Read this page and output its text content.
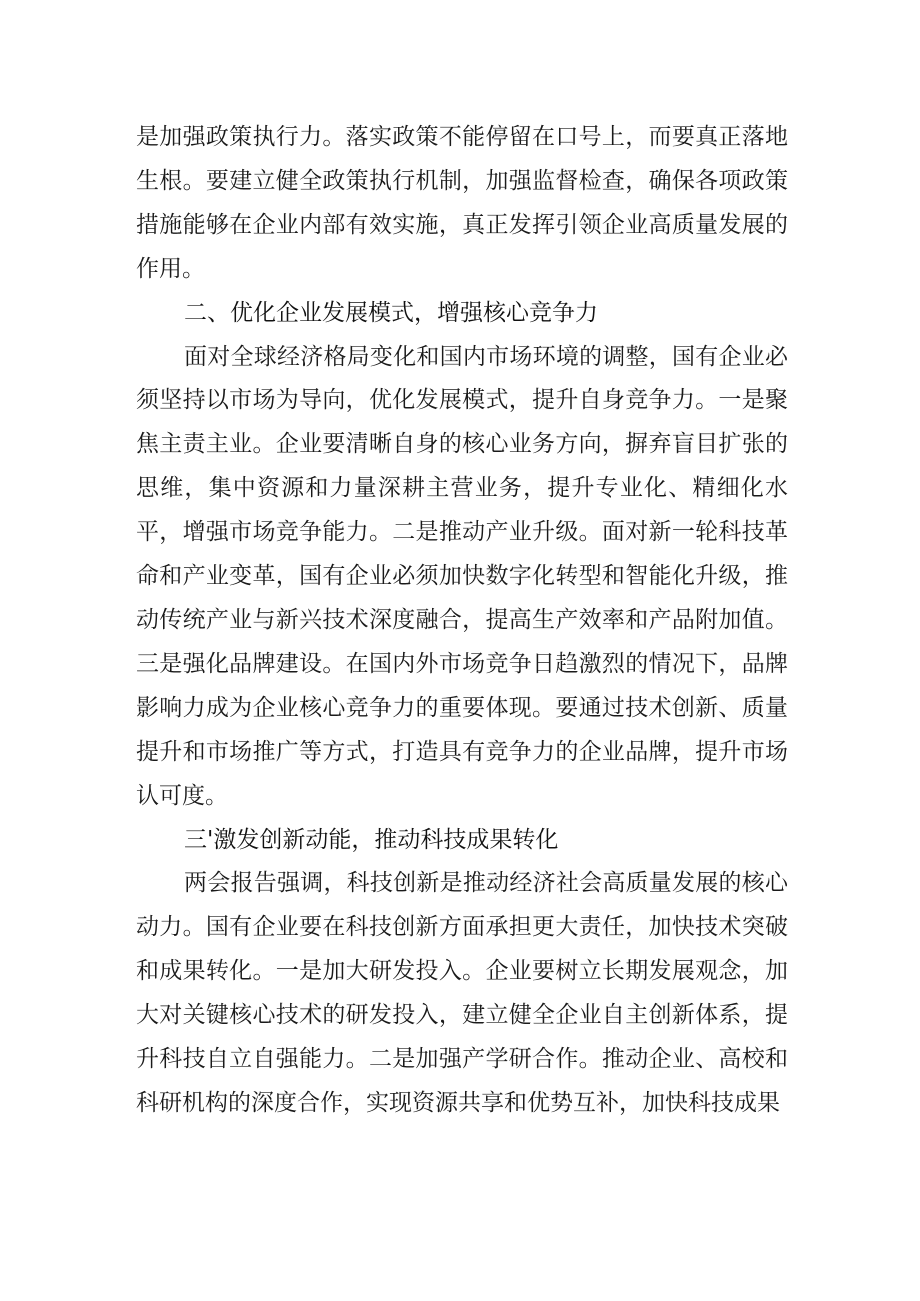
是加强政策执行力。落实政策不能停留在口号上，而要真正落地生根。要建立健全政策执行机制，加强监督检查，确保各项政策措施能够在企业内部有效实施，真正发挥引领企业高质量发展的作用。

二、优化企业发展模式，增强核心竞争力

面对全球经济格局变化和国内市场环境的调整，国有企业必须坚持以市场为导向，优化发展模式，提升自身竞争力。一是聚焦主责主业。企业要清晰自身的核心业务方向，摒弃盲目扩张的思维，集中资源和力量深耕主营业务，提升专业化、精细化水平，增强市场竞争能力。二是推动产业升级。面对新一轮科技革命和产业变革，国有企业必须加快数字化转型和智能化升级，推动传统产业与新兴技术深度融合，提高生产效率和产品附加值。三是强化品牌建设。在国内外市场竞争日趋激烈的情况下，品牌影响力成为企业核心竞争力的重要体现。要通过技术创新、质量提升和市场推广等方式，打造具有竞争力的企业品牌，提升市场认可度。

三'激发创新动能，推动科技成果转化

两会报告强调，科技创新是推动经济社会高质量发展的核心动力。国有企业要在科技创新方面承担更大责任，加快技术突破和成果转化。一是加大研发投入。企业要树立长期发展观念，加大对关键核心技术的研发投入，建立健全企业自主创新体系，提升科技自立自强能力。二是加强产学研合作。推动企业、高校和科研机构的深度合作，实现资源共享和优势互补，加快科技成果
